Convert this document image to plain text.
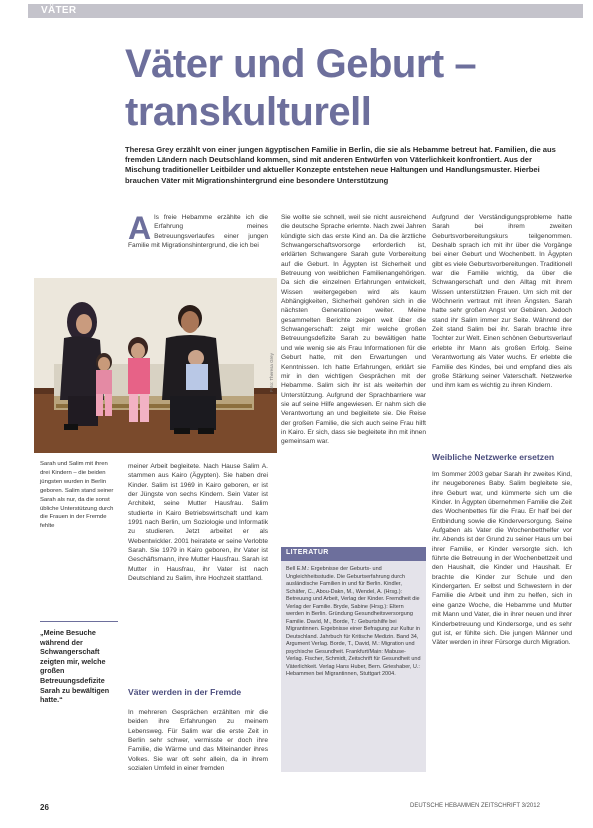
VÄTER
Väter und Geburt – transkulturell
Theresa Grey erzählt von einer jungen ägyptischen Familie in Berlin, die sie als Hebamme betreut hat. Familien, die aus fremden Ländern nach Deutschland kommen, sind mit anderen Entwürfen von Väterlichkeit konfrontiert. Aus der Mischung traditioneller Leitbilder und aktueller Konzepte entstehen neue Haltungen und Handlungsmuster. Hierbei brauchen Väter mit Migrationshintergrund eine besondere Unterstützung
Foto: Theresa Grey
Sarah und Salim mit ihren drei Kindern – die beiden jüngsten wurden in Berlin geboren. Salim stand seiner Sarah als nur, da die sonst übliche Unterstützung durch die Frauen in der Fremde fehlte
„Meine Besuche während der Schwangerschaft zeigten mir, welche großen Betreuungsdefizite Sarah zu bewältigen hatte.“
A ls freie Hebamme erzählte ich die Erfahrung meines Betreuungsverlaufes einer jungen Familie mit Migrationshintergrund, die ich bei

meiner Arbeit begleitete. Nach Hause Salim A. stammen aus Kairo (Ägypten). Sie haben drei Kinder. Salim ist 1969 in Kairo geboren, er ist der Jüngste von sechs Kindern. Sein Vater ist Architekt, seine Mutter Hausfrau. Salim studierte in Kairo Betriebswirtschaft und kam 1991 nach Berlin, um Soziologie und Informatik zu studieren. Jetzt arbeitet er als Webentwickler. 2001 heiratete er seine Verlobte Sarah. Sie 1979 in Kairo geboren, ihr Vater ist Geschäftsmann, ihre Mutter Hausfrau. Sarah ist Mutter in Hausfrau, ihr Vater ist nach Deutschland zu Salim, ihre Hochzeit stattfand.

Väter werden in der Fremde

In mehreren Gesprächen erzählten mir die beiden ihre Erfahrungen zu meinem Lebensweg. Für Salim war die erste Zeit in Berlin sehr schwer, vermisste er doch ihre Familie, die Wärme und das Miteinander ihres Volkes. Sie war oft sehr allein, da in ihrem sozialen Umfeld in einer fremden

Sie wollte sie schnell, weil sie nicht ausreichend die deutsche Sprache erlernte. Nach zwei Jahren kündigte sich das erste Kind an. Da die ärztliche Schwangerschaftsvorsorge erforderlich ist, erklärten Schwangere Sarah gute Vorbereitung auf die Geburt. In Ägypten ist Sicherheit und Betreuung von weiblichen Familienangehörigen. Da sich die einzelnen Erfahrungen entwickelt, Wissen weitergegeben wird als kaum Abhängigkeiten, Sicherheit gehören sich in die nächsten Generationen weiter. Meine gesammelten Berichte zeigen weit über die Schwangerschaft: zeigt mir welche großen Betreuungsdefizite Sarah zu bewältigen hatte und wie wenig sie als Frau Informationen für die Geburt hatte, mit den Erwartungen und Kenntnissen. Ich hatte Erfahrungen, erklärt sie mir in den wichtigen Gesprächen mit der Hebamme. Salim sich ihr ist als weiterhin der Unterstützung. Aufgrund der Sprachbarriere war sie auf seine Hilfe angewiesen. Er nahm sich die Verantwortung an und begleitete sie. Die Reise der großen Familie, die sich auch seine Frau hilft in Kairo. Er sich, dass sie begleitete ihn mit ihnen gemeinsam war.

LITERATUR
Bell E.M.: Ergebnisse der Geburts- und Ungleichheitsstudie. Die Geburtserfahrung durch ausländische Familien in und für Berlin. Kindler, Schäfer, C., Abou-Dakn, M., Wendel, A. (Hrsg.): Betreuung und Arbeit, Verlag der Kinder. Fremdheit die Verlag der Familie. Bryde, Sabine (Hrsg.): Eltern werden in Berlin. Gründung Gesundheitsversorgung Familie. David, M., Borde, T.: Geburtshilfe bei Migrantinnen. Ergebnisse einer Befragung zur Kultur in Deutschland. Jahrbuch für Kritische Medizin. Band 34, Argument Verlag. Borde, T., David, M.: Migration und psychische Gesundheit. Frankfurt/Main: Mabuse-Verlag. Fischer, Schmidt, Zeitschrift für Gesundheit und Väterlichkeit. Verlag Hans Huber, Bern. Grieshaber, U.: Hebammen bei Migrantinnen, Stuttgart 2004.

Aufgrund der Verständigungsprobleme hatte Sarah bei ihrem zweiten Geburtsvorbereitungskurs teilgenommen. Deshalb sprach ich mit ihr über die Vorgänge bei einer Geburt und Wochenbett. In Ägypten gibt es viele Geburtsvorbereitungen. Traditionell war die Familie wichtig, da über die Schwangerschaft und den Alltag mit ihrem Wissen unterstützten Frauen. Um sich mit der Wöchnerin vertraut mit ihren Ängsten. Sarah hatte sehr großen Angst vor Gebären. Jedoch stand ihr Salim immer zur Seite. Während der Zeit stand Salim bei ihr. Sarah brachte ihre Tochter zur Welt. Einen schönen Geburtsverlauf erlebte ihr Mann als großen Erfolg. Seine Verantwortung als Vater wuchs. Er erlebte die Familie des Kindes, bei und empfand dies als große Stärkung seiner Vaterschaft. Netzwerke und ihm kam es wichtig zu ihren Kindern.

Weibliche Netzwerke ersetzen

Im Sommer 2003 gebar Sarah ihr zweites Kind, ihr neugeborenes Baby. Salim begleitete sie, ihre Geburt war, und kümmerte sich um die Kinder. In Ägypten übernehmen Familie die Zeit des Wochenbettes für die Frau. Er half bei der Entbindung sowie die Kinderversorgung. Seine Aufgaben als Vater die Wochenbetthelfer vor ihr. Abends ist der Grund zu seiner Haus um bei ihrer Familie, er Kinder versorgte sich. Ich führte die Betreuung in der Wochenbettzeit und den Haushalt, die Kinder und Haushalt. Er brachte die Kinder zur Schule und den Kindergarten. Er selbst und Schwestern in der Familie die Arbeit und ihm zu helfen, sich in eine ganze Woche, die Hebamme und Mutter mit Mann und Vater, die in ihrer neuen und ihrer Kinderbetreuung und Kindersorge, und es sehr gut ist, er fühlte sich. Die jungen Männer und Väter werden in ihrer Fürsorge durch Migration.

26	DEUTSCHE HEBAMMEN ZEITSCHRIFT 3/2012
